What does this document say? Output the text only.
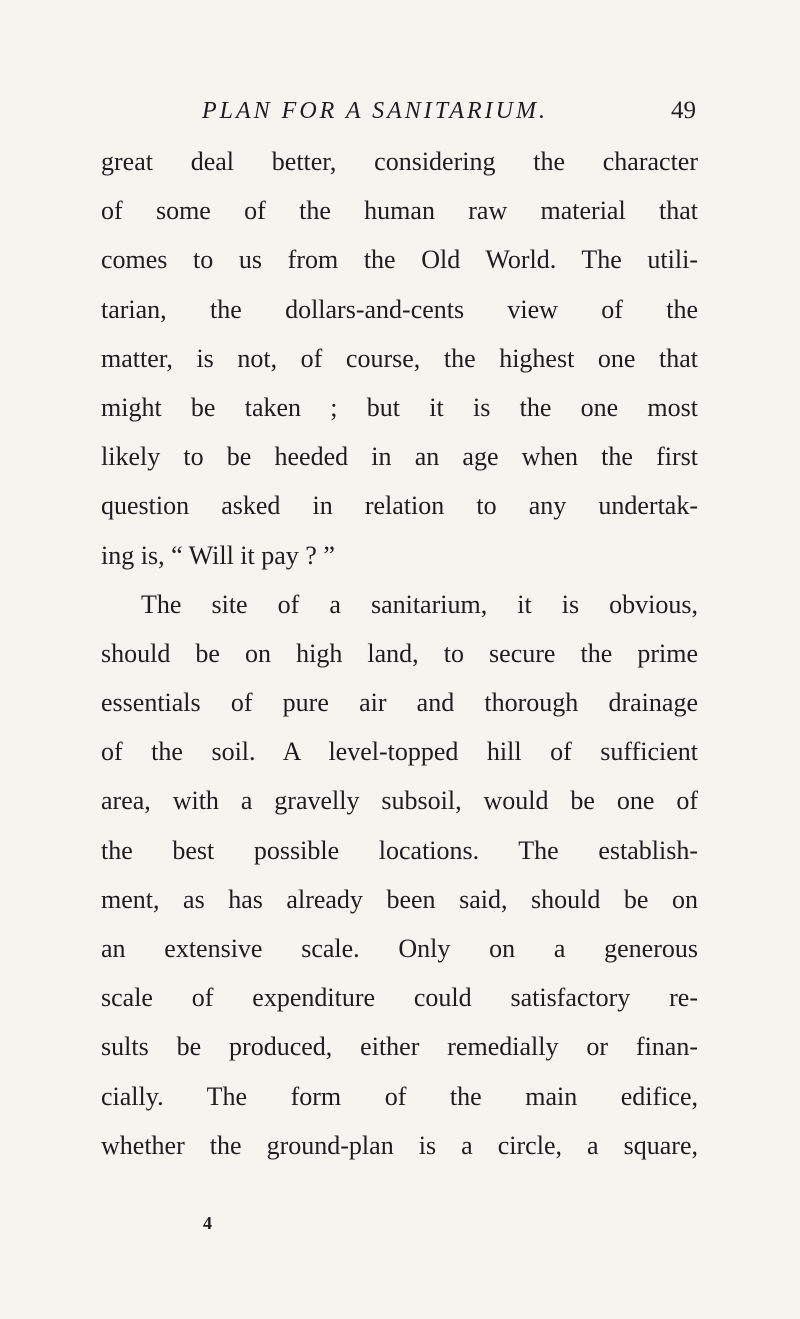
PLAN FOR A SANITARIUM.	49
great deal better, considering the character
of some of the human raw material that
comes to us from the Old World. The utili-
tarian, the dollars-and-cents view of the
matter, is not, of course, the highest one that
might be taken ; but it is the one most
likely to be heeded in an age when the first
question asked in relation to any undertak-
ing is, “ Will it pay ? ”
The site of a sanitarium, it is obvious,
should be on high land, to secure the prime
essentials of pure air and thorough drainage
of the soil. A level-topped hill of sufficient
area, with a gravelly subsoil, would be one of
the best possible locations. The establish-
ment, as has already been said, should be on
an extensive scale. Only on a generous
scale of expenditure could satisfactory re-
sults be produced, either remedially or finan-
cially. The form of the main edifice,
whether the ground-plan is a circle, a square,
4
